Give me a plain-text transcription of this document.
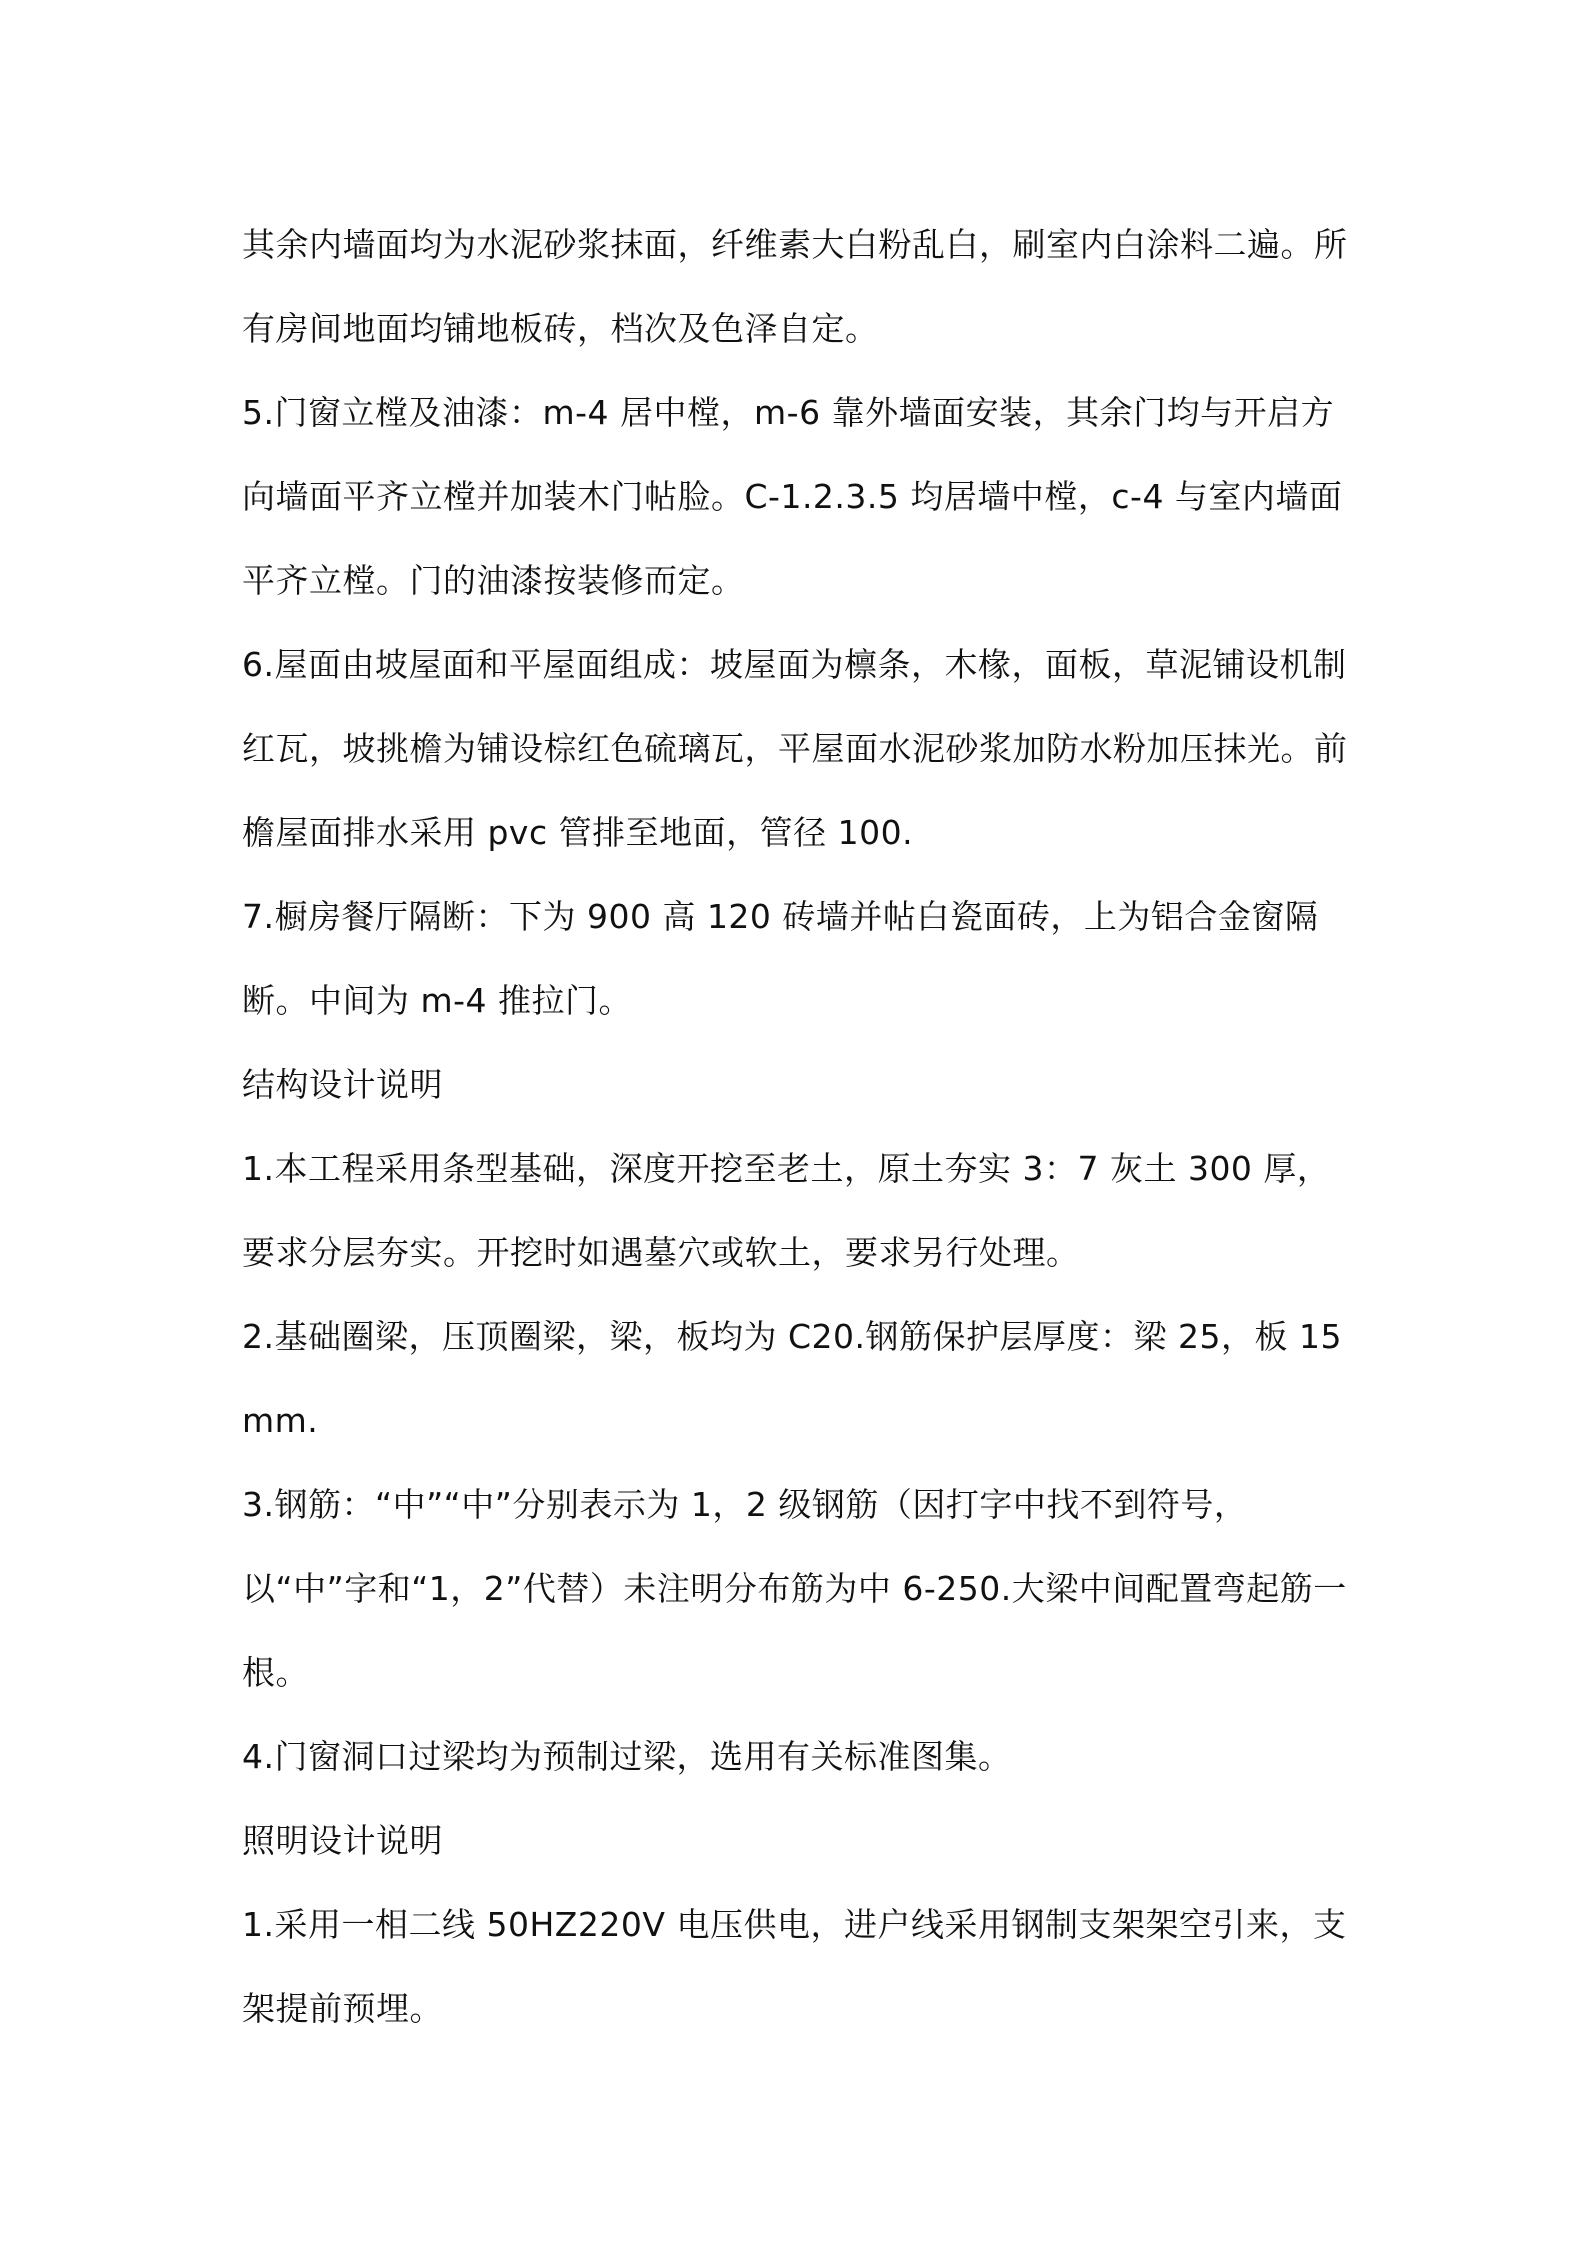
其余内墙面均为水泥砂浆抹面，纤维素大白粉乱白，刷室内白涂料二遍。所有房间地面均铺地板砖，档次及色泽自定。

5.门窗立樘及油漆：m-4 居中樘，m-6 靠外墙面安装，其余门均与开启方向墙面平齐立樘并加装木门帖脸。C-1.2.3.5 均居墙中樘，c-4 与室内墙面平齐立樘。门的油漆按装修而定。

6.屋面由坡屋面和平屋面组成：坡屋面为檩条，木椽，面板，草泥铺设机制红瓦，坡挑檐为铺设棕红色硫璃瓦，平屋面水泥砂浆加防水粉加压抹光。前檐屋面排水采用 pvc 管排至地面，管径 100.

7.橱房餐厅隔断：下为 900 高 120 砖墙并帖白瓷面砖，上为铝合金窗隔断。中间为 m-4 推拉门。

结构设计说明

1.本工程采用条型基础，深度开挖至老土，原土夯实 3：7 灰土 300 厚，要求分层夯实。开挖时如遇墓穴或软土，要求另行处理。

2.基础圈梁，压顶圈梁，梁，板均为 C20.钢筋保护层厚度：梁 25，板 15mm.

3.钢筋：“中”“中”分别表示为 1，2 级钢筋（因打字中找不到符号，以“中”字和“1，2”代替）未注明分布筋为中 6-250.大梁中间配置弯起筋一根。

4.门窗洞口过梁均为预制过梁，选用有关标准图集。

照明设计说明

1.采用一相二线 50HZ220V 电压供电，进户线采用钢制支架架空引来，支架提前预埋。
